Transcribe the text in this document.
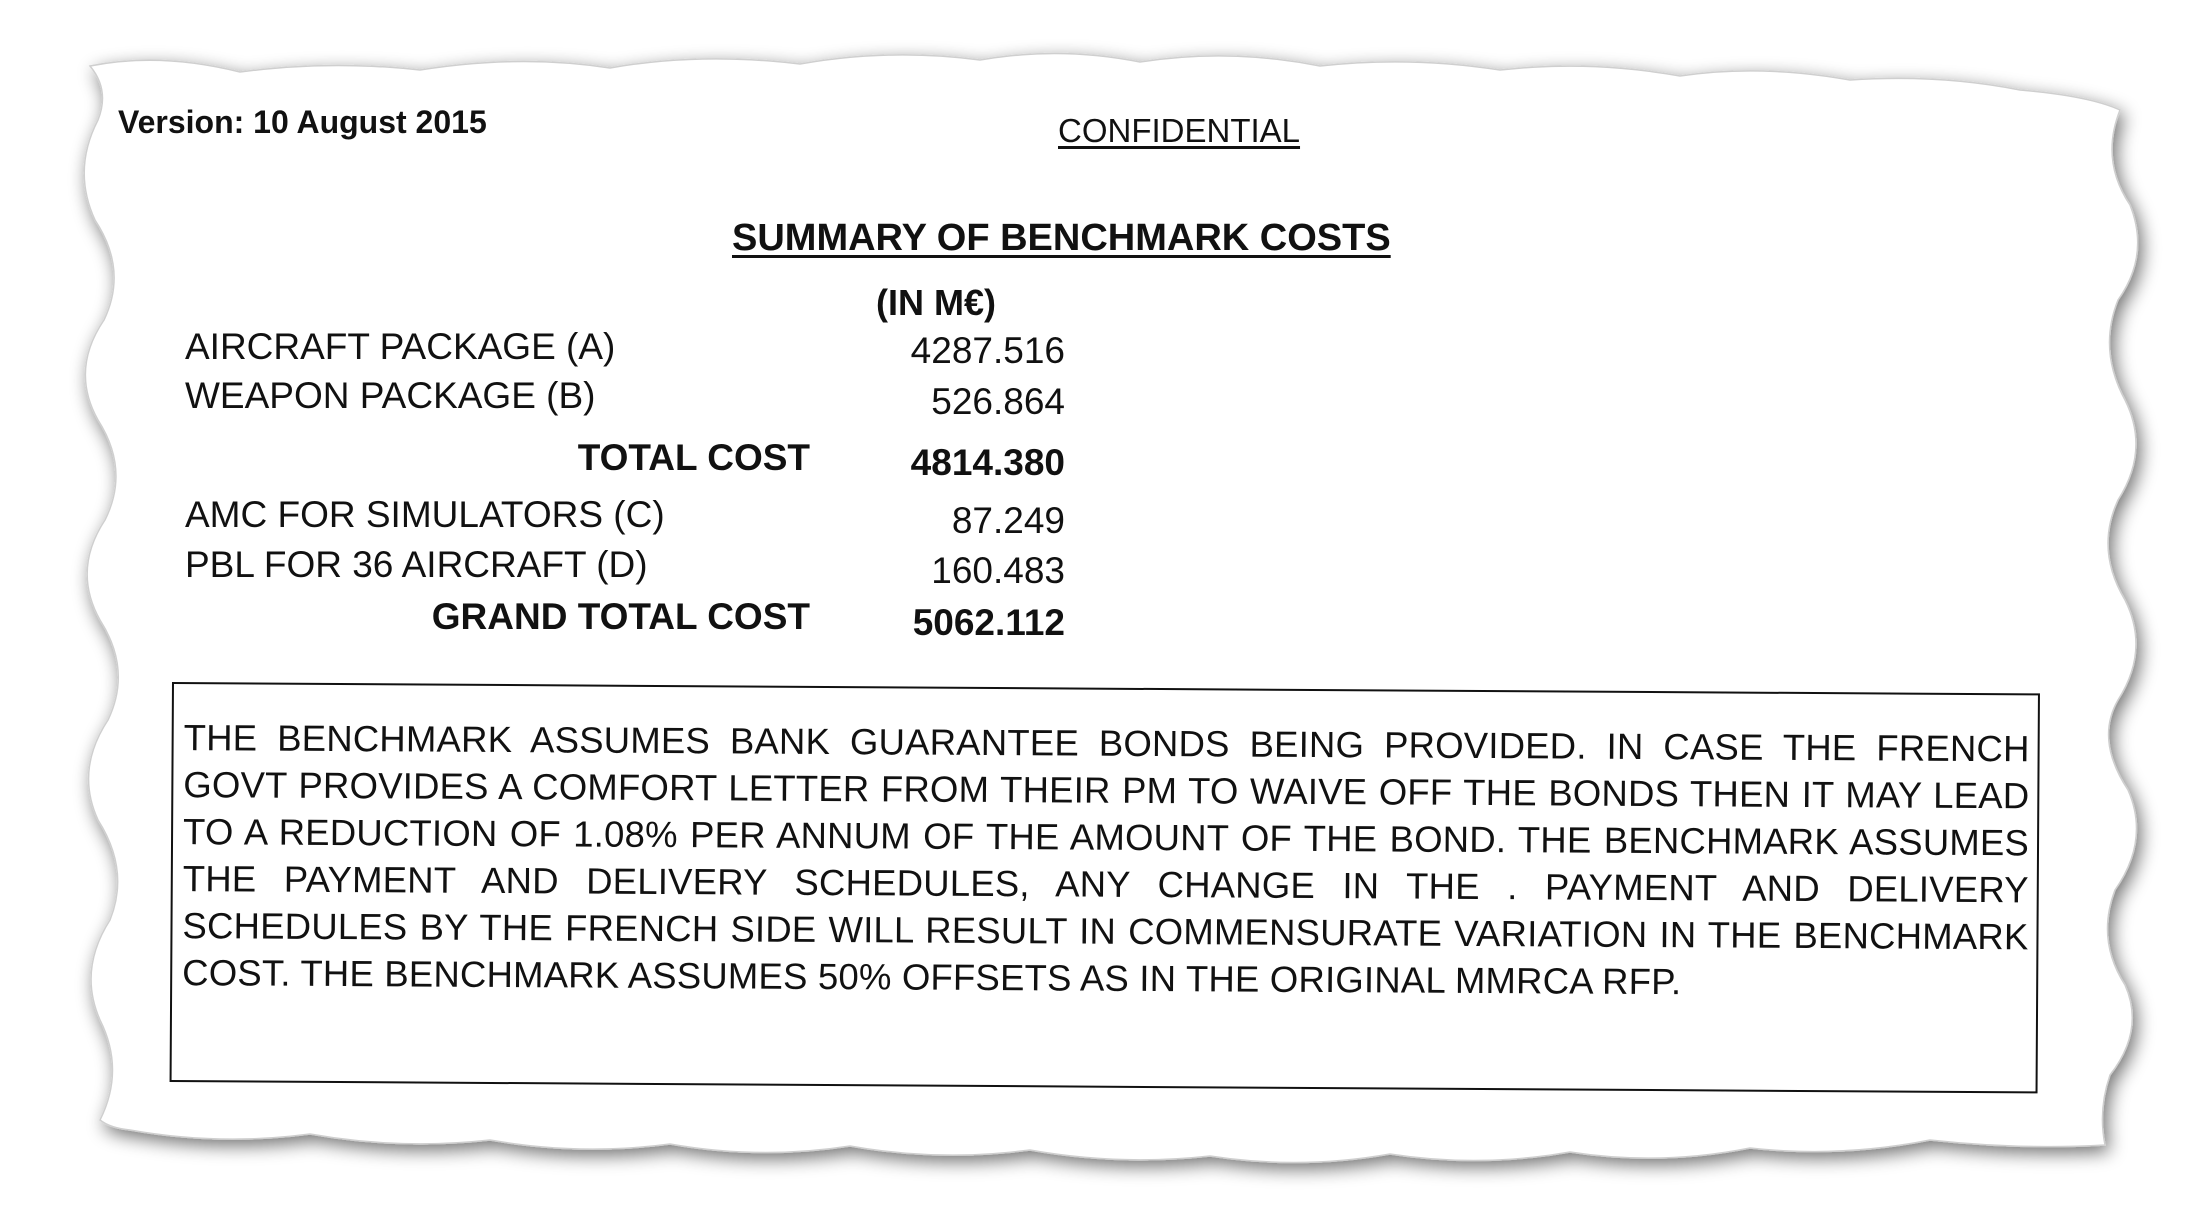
Version: 10 August 2015	CONFIDENTIAL
SUMMARY OF BENCHMARK COSTS
(IN M€)
AIRCRAFT PACKAGE (A)	4287.516
WEAPON PACKAGE (B)	526.864
TOTAL COST	4814.380
AMC FOR SIMULATORS (C)	87.249
PBL FOR 36 AIRCRAFT (D)	160.483
GRAND TOTAL COST	5062.112
THE BENCHMARK ASSUMES BANK GUARANTEE BONDS BEING PROVIDED. IN CASE THE FRENCH GOVT PROVIDES A COMFORT LETTER FROM THEIR PM TO WAIVE OFF THE BONDS THEN IT MAY LEAD TO A REDUCTION OF 1.08% PER ANNUM OF THE AMOUNT OF THE BOND. THE BENCHMARK ASSUMES THE PAYMENT AND DELIVERY SCHEDULES, ANY CHANGE IN THE . PAYMENT AND DELIVERY SCHEDULES BY THE FRENCH SIDE WILL RESULT IN COMMENSURATE VARIATION IN THE BENCHMARK COST. THE BENCHMARK ASSUMES 50% OFFSETS AS IN THE ORIGINAL MMRCA RFP.
